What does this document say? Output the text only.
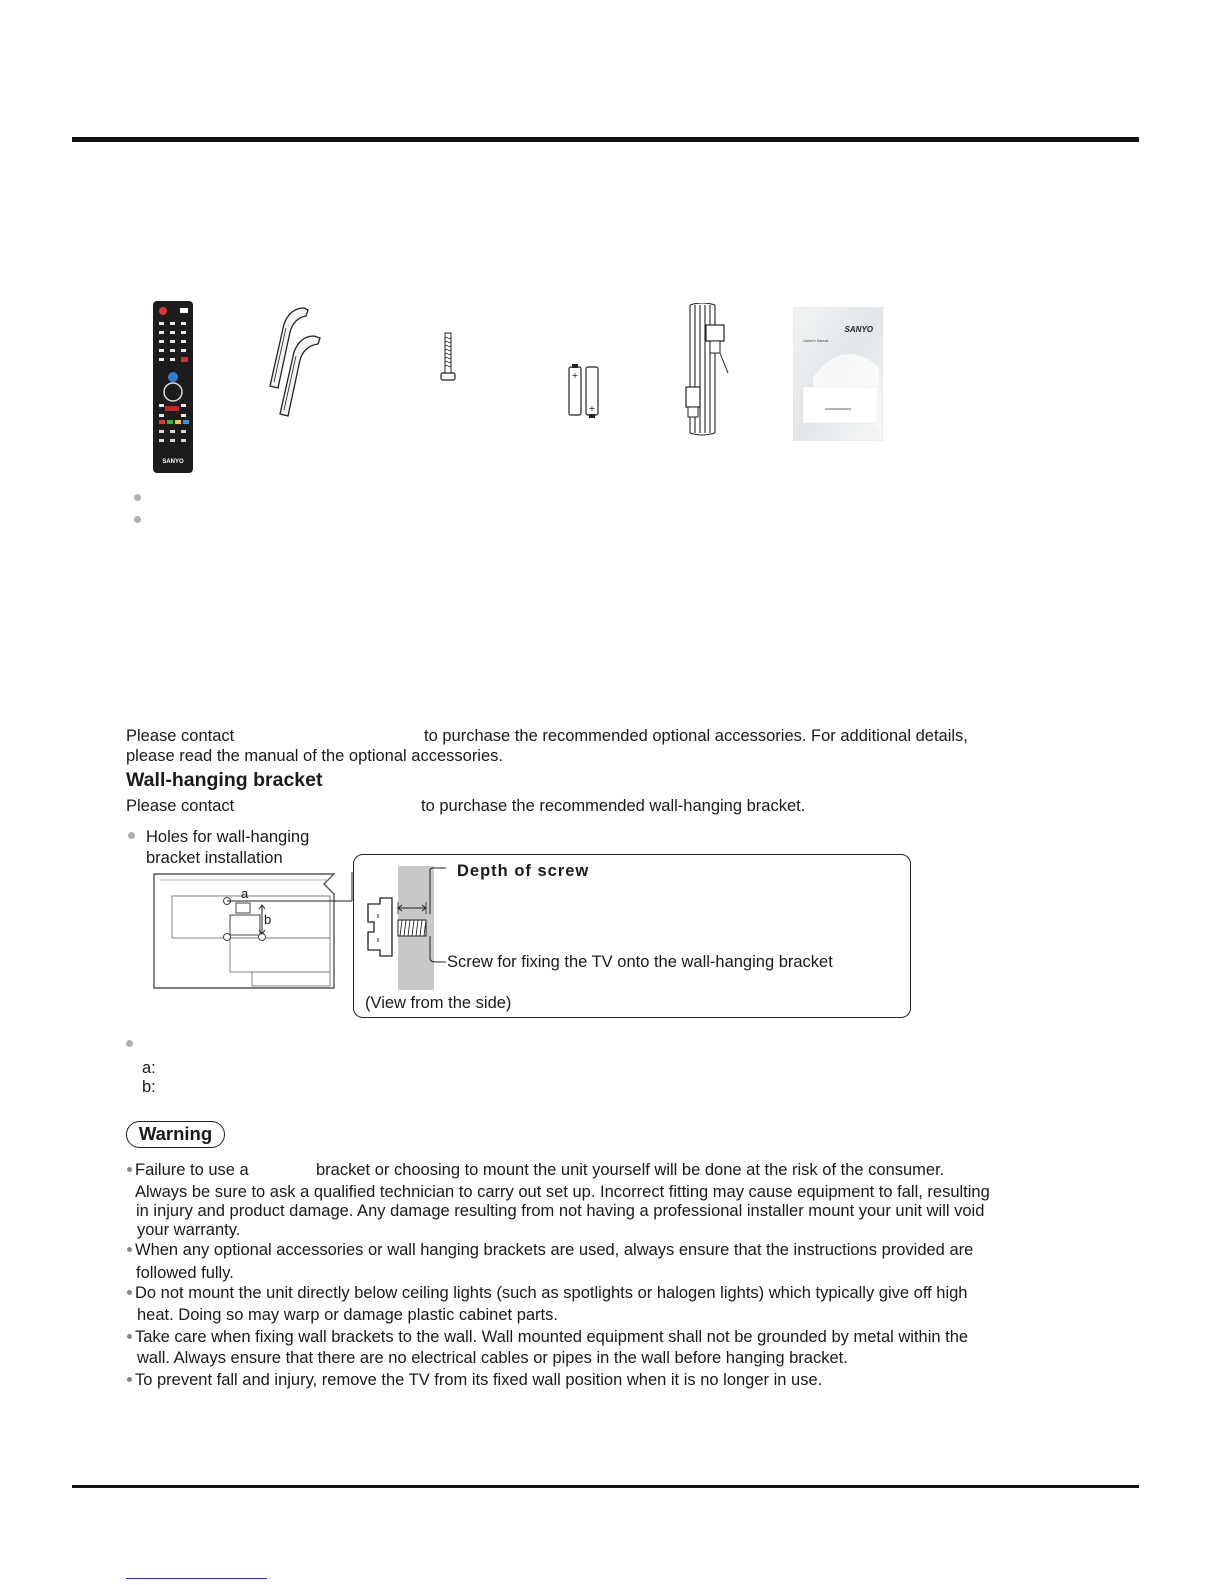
SANYO
+
+
SANYO
Owner's Manual
Please contact	to purchase the recommended optional accessories. For additional details,
please read the manual of the optional accessories.
Wall-hanging bracket
Please contact	to purchase the recommended wall-hanging bracket.
Holes for wall-hanging
bracket installation
a
b
Depth of screw
Screw for fixing the TV onto the wall-hanging bracket
(View from the side)
a:
b:
Warning
Failure to use a	bracket or choosing to mount the unit yourself will be done at the risk of the consumer.
Always be sure to ask a qualified technician to carry out set up. Incorrect fitting may cause equipment to fall, resulting
in injury and product damage. Any damage resulting from not having a professional installer mount your unit will void
your warranty.
When any optional accessories or wall hanging brackets are used, always ensure that the instructions provided are
followed fully.
Do not mount the unit directly below ceiling lights (such as spotlights or halogen lights) which typically give off high
heat. Doing so may warp or damage plastic cabinet parts.
Take care when fixing wall brackets to the wall. Wall mounted equipment shall not be grounded by metal within the
wall. Always ensure that there are no electrical cables or pipes in the wall before hanging bracket.
To prevent fall and injury, remove the TV from its fixed wall position when it is no longer in use.
